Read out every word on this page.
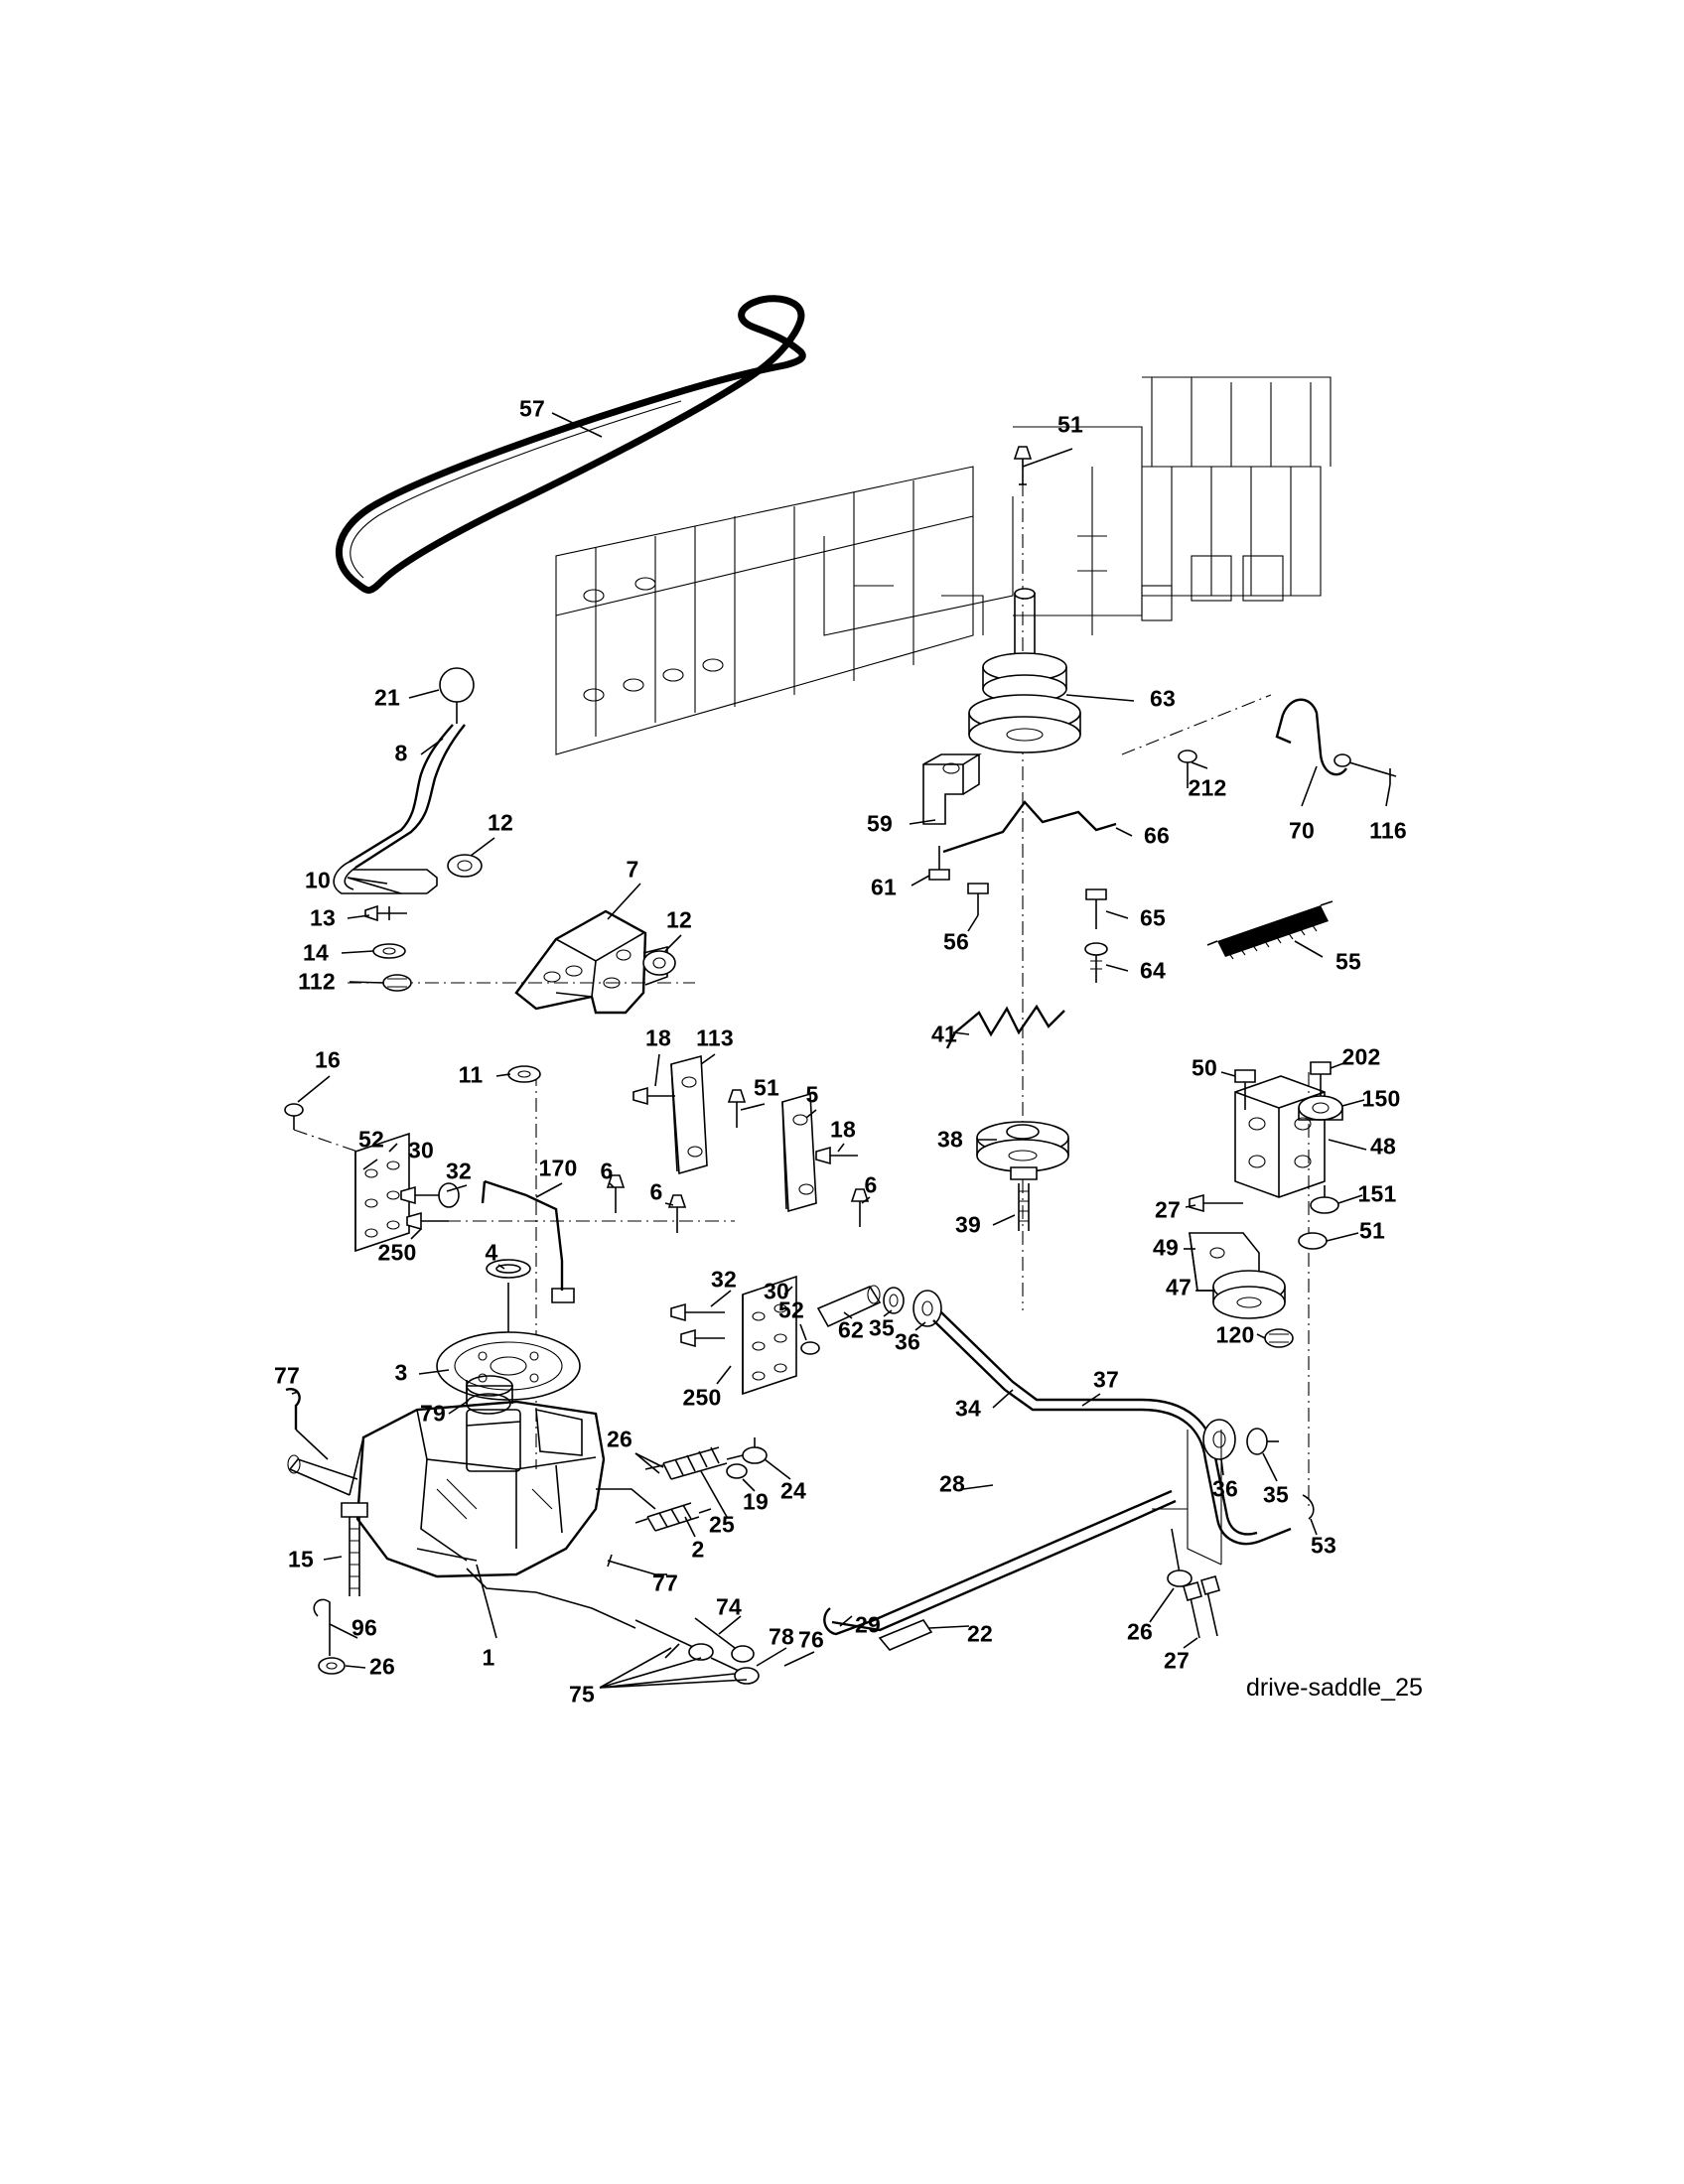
drive-saddle_25
57
51
21	63
8
212
70 116
59
12	66
10	61
7
13	12	65
56
14
64
112
55
41
18 113
11
16
51 5
50	202
150
18
52 30	38	48
32	170 6
6	6
27
151
51
250	4
39
49
32 30	47
52
62 35
36
3
120
37
77
79
250	34
26
28	36 35
19 24
25
15	2	53
77
74
96	29	22	26
78 76
1
26	27
75
